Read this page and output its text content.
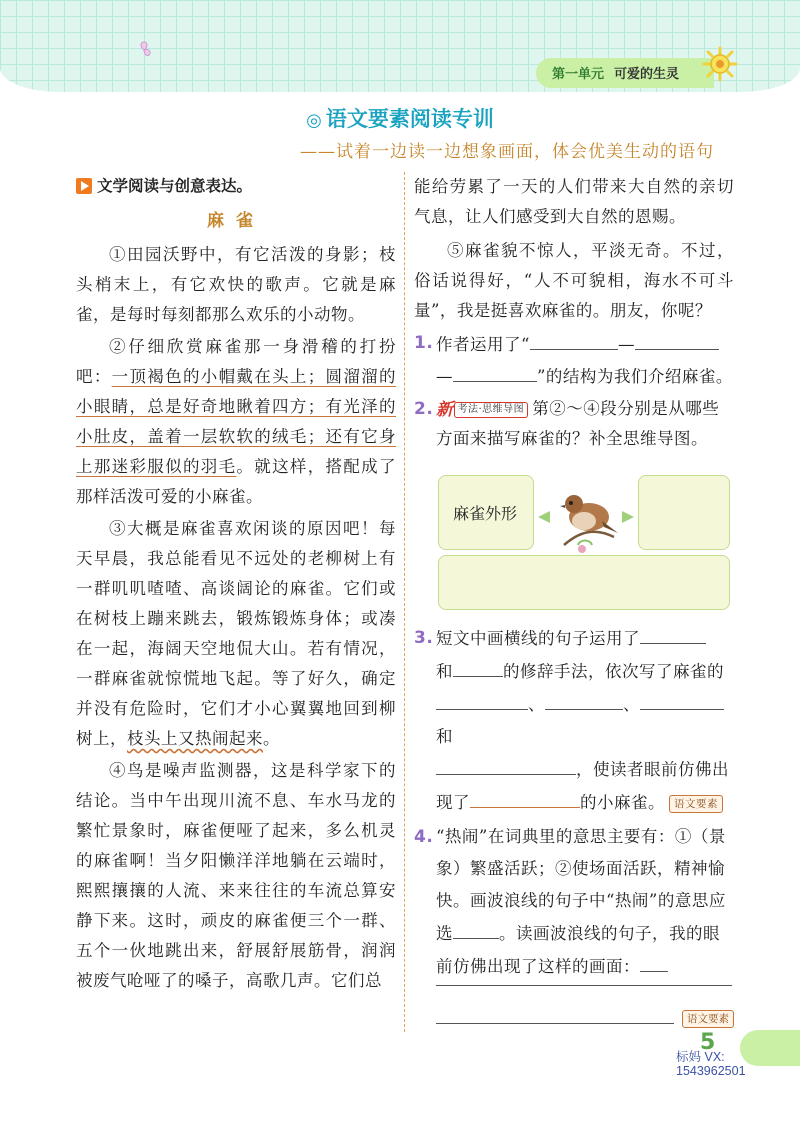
第一单元 可爱的生灵
◎ 语文要素阅读专训
——试着一边读一边想象画面，体会优美生动的语句
文学阅读与创意表达。
麻雀
①田园沃野中，有它活泼的身影；枝头梢末上，有它欢快的歌声。它就是麻雀，是每时每刻都那么欢乐的小动物。
②仔细欣赏麻雀那一身滑稽的打扮吧：一顶褐色的小帽戴在头上；圆溜溜的小眼睛，总是好奇地瞅着四方；有光泽的小肚皮，盖着一层软软的绒毛；还有它身上那迷彩服似的羽毛。就这样，搭配成了那样活泼可爱的小麻雀。
③大概是麻雀喜欢闲谈的原因吧！每天早晨，我总能看见不远处的老柳树上有一群叽叽喳喳、高谈阔论的麻雀。它们或在树枝上蹦来跳去，锻炼锻炼身体；或凑在一起，海阔天空地侃大山。若有情况，一群麻雀就惊慌地飞起。等了好久，确定并没有危险时，它们才小心翼翼地回到柳树上，枝头上又热闹起来。
④鸟是噪声监测器，这是科学家下的结论。当中午出现川流不息、车水马龙的繁忙景象时，麻雀便哑了起来，多么机灵的麻雀啊！当夕阳懒洋洋地躺在云端时，熙熙攘攘的人流、来来往往的车流总算安静下来。这时，顽皮的麻雀便三个一群、五个一伙地跳出来，舒展舒展筋骨，润润被废气呛哑了的嗓子，高歌几声。它们总
能给劳累了一天的人们带来大自然的亲切气息，让人们感受到大自然的恩赐。
⑤麻雀貌不惊人，平淡无奇。不过，俗话说得好，“人不可貌相，海水不可斗量”，我是挺喜欢麻雀的。朋友，你呢？
1. 作者运用了“	—
—	”的结构为我们介绍麻雀。
2. 新 考法·思维导图 第②～④段分别是从哪些方面来描写麻雀的？补全思维导图。
麻雀外形
3. 短文中画横线的句子运用了
和	的修辞手法，依次写了麻雀的
、	、和
，使读者眼前仿佛出现了	的小麻雀。 语文要素
4. “热闹”在词典里的意思主要有：①（景象）繁盛活跃；②使场面活跃，精神愉快。画波浪线的句子中“热闹”的意思应选	。读画波浪线的句子，我的眼前仿佛出现了这样的画面：
语文要素
5
标妈 VX:
1543962501
